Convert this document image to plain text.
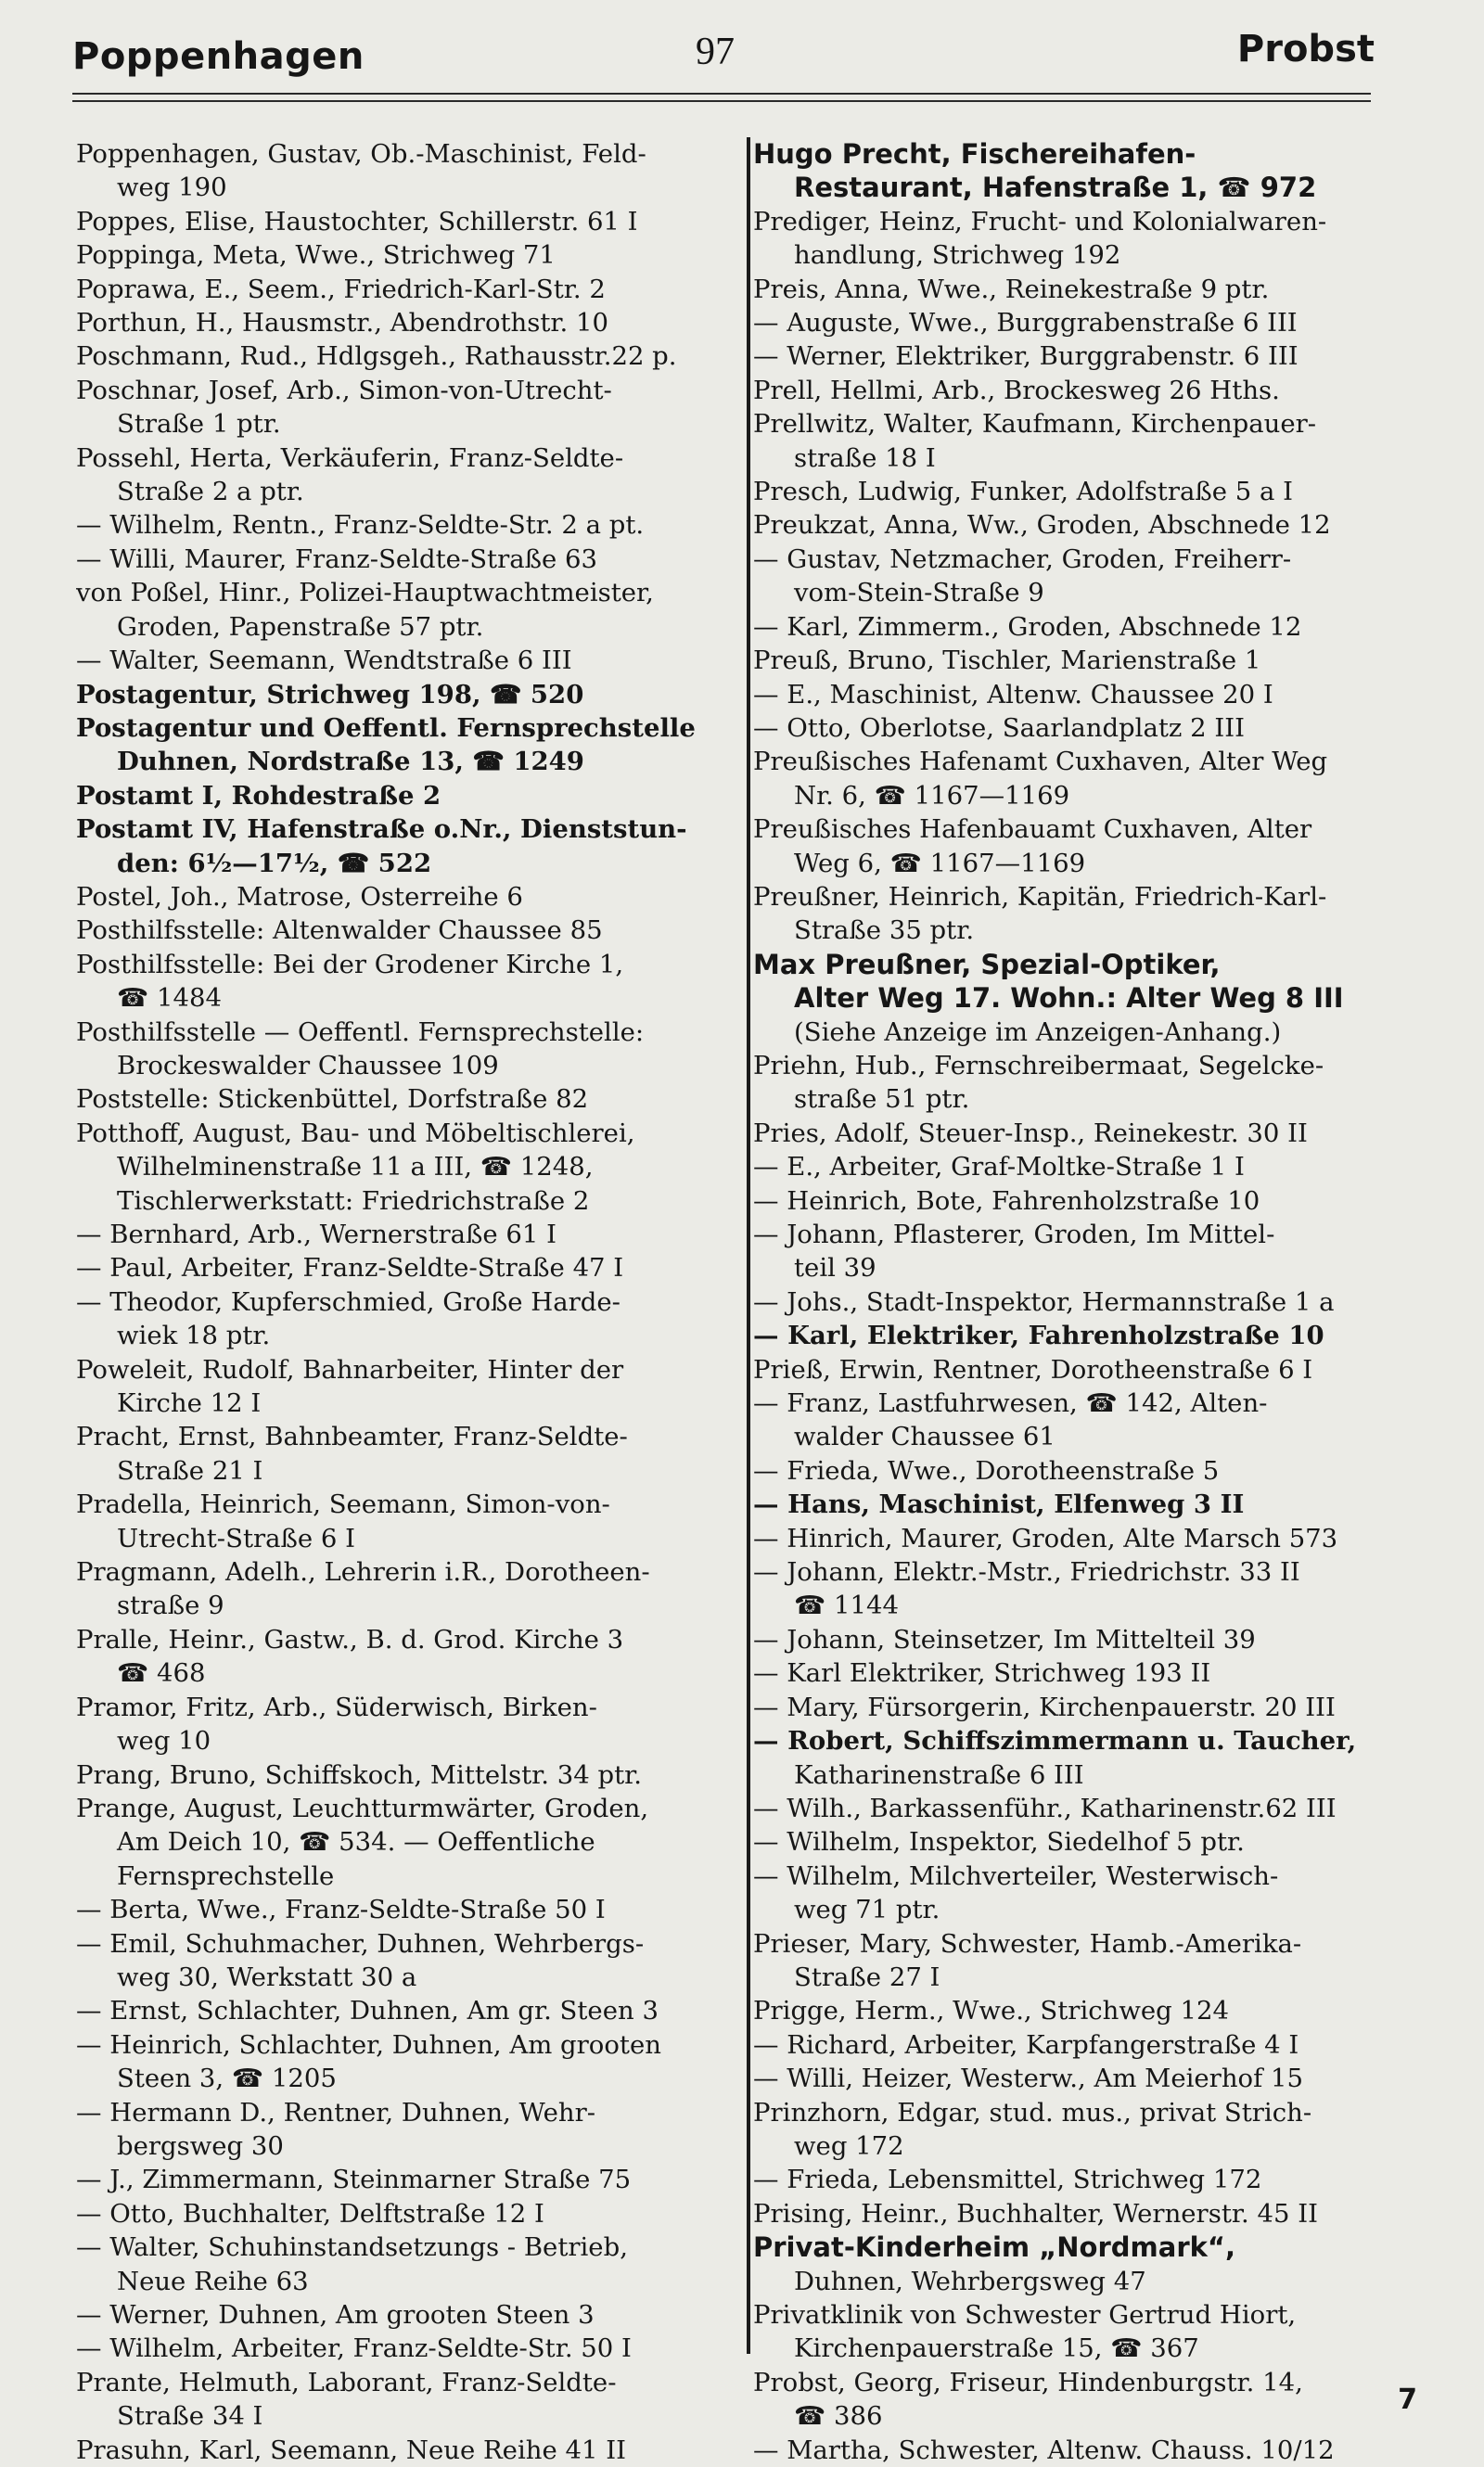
Poppenhagen	97	Probst
Poppenhagen, Gustav, Ob.-Maschinist, Feld-
weg 190
Poppes, Elise, Haustochter, Schillerstr. 61 I
Poppinga, Meta, Wwe., Strichweg 71
Poprawa, E., Seem., Friedrich-Karl-Str. 2
Porthun, H., Hausmstr., Abendrothstr. 10
Poschmann, Rud., Hdlgsgeh., Rathausstr.22 p.
Poschnar, Josef, Arb., Simon-von-Utrecht-
Straße 1 ptr.
Possehl, Herta, Verkäuferin, Franz-Seldte-
Straße 2 a ptr.
— Wilhelm, Rentn., Franz-Seldte-Str. 2 a pt.
— Willi, Maurer, Franz-Seldte-Straße 63
von Poßel, Hinr., Polizei-Hauptwachtmeister,
Groden, Papenstraße 57 ptr.
— Walter, Seemann, Wendtstraße 6 III
Postagentur, Strichweg 198, ☎ 520
Postagentur und Oeffentl. Fernsprechstelle
Duhnen, Nordstraße 13, ☎ 1249
Postamt I, Rohdestraße 2
Postamt IV, Hafenstraße o.Nr., Dienststun-
den: 6½—17½, ☎ 522
Postel, Joh., Matrose, Osterreihe 6
Posthilfsstelle: Altenwalder Chaussee 85
Posthilfsstelle: Bei der Grodener Kirche 1,
☎ 1484
Posthilfsstelle — Oeffentl. Fernsprechstelle:
Brockeswalder Chaussee 109
Poststelle: Stickenbüttel, Dorfstraße 82
Potthoff, August, Bau- und Möbeltischlerei,
Wilhelminenstraße 11 a III, ☎ 1248,
Tischlerwerkstatt: Friedrichstraße 2
— Bernhard, Arb., Wernerstraße 61 I
— Paul, Arbeiter, Franz-Seldte-Straße 47 I
— Theodor, Kupferschmied, Große Harde-
wiek 18 ptr.
Poweleit, Rudolf, Bahnarbeiter, Hinter der
Kirche 12 I
Pracht, Ernst, Bahnbeamter, Franz-Seldte-
Straße 21 I
Pradella, Heinrich, Seemann, Simon-von-
Utrecht-Straße 6 I
Pragmann, Adelh., Lehrerin i.R., Dorotheen-
straße 9
Pralle, Heinr., Gastw., B. d. Grod. Kirche 3
☎ 468
Pramor, Fritz, Arb., Süderwisch, Birken-
weg 10
Prang, Bruno, Schiffskoch, Mittelstr. 34 ptr.
Prange, August, Leuchtturmwärter, Groden,
Am Deich 10, ☎ 534. — Oeffentliche
Fernsprechstelle
— Berta, Wwe., Franz-Seldte-Straße 50 I
— Emil, Schuhmacher, Duhnen, Wehrbergs-
weg 30, Werkstatt 30 a
— Ernst, Schlachter, Duhnen, Am gr. Steen 3
— Heinrich, Schlachter, Duhnen, Am grooten
Steen 3, ☎ 1205
— Hermann D., Rentner, Duhnen, Wehr-
bergsweg 30
— J., Zimmermann, Steinmarner Straße 75
— Otto, Buchhalter, Delftstraße 12 I
— Walter, Schuhinstandsetzungs - Betrieb,
Neue Reihe 63
— Werner, Duhnen, Am grooten Steen 3
— Wilhelm, Arbeiter, Franz-Seldte-Str. 50 I
Prante, Helmuth, Laborant, Franz-Seldte-
Straße 34 I
Prasuhn, Karl, Seemann, Neue Reihe 41 II
Hugo Precht, Fischereihafen-
Restaurant, Hafenstraße 1, ☎ 972
Prediger, Heinz, Frucht- und Kolonialwaren-
handlung, Strichweg 192
Preis, Anna, Wwe., Reinekestraße 9 ptr.
— Auguste, Wwe., Burggrabenstraße 6 III
— Werner, Elektriker, Burggrabenstr. 6 III
Prell, Hellmi, Arb., Brockesweg 26 Hths.
Prellwitz, Walter, Kaufmann, Kirchenpauer-
straße 18 I
Presch, Ludwig, Funker, Adolfstraße 5 a I
Preukzat, Anna, Ww., Groden, Abschnede 12
— Gustav, Netzmacher, Groden, Freiherr-
vom-Stein-Straße 9
— Karl, Zimmerm., Groden, Abschnede 12
Preuß, Bruno, Tischler, Marienstraße 1
— E., Maschinist, Altenw. Chaussee 20 I
— Otto, Oberlotse, Saarlandplatz 2 III
Preußisches Hafenamt Cuxhaven, Alter Weg
Nr. 6, ☎ 1167—1169
Preußisches Hafenbauamt Cuxhaven, Alter
Weg 6, ☎ 1167—1169
Preußner, Heinrich, Kapitän, Friedrich-Karl-
Straße 35 ptr.
Max Preußner, Spezial-Optiker,
Alter Weg 17. Wohn.: Alter Weg 8 III
(Siehe Anzeige im Anzeigen-Anhang.)
Priehn, Hub., Fernschreibermaat, Segelcke-
straße 51 ptr.
Pries, Adolf, Steuer-Insp., Reinekestr. 30 II
— E., Arbeiter, Graf-Moltke-Straße 1 I
— Heinrich, Bote, Fahrenholzstraße 10
— Johann, Pflasterer, Groden, Im Mittel-
teil 39
— Johs., Stadt-Inspektor, Hermannstraße 1 a
— Karl, Elektriker, Fahrenholzstraße 10
Prieß, Erwin, Rentner, Dorotheenstraße 6 I
— Franz, Lastfuhrwesen, ☎ 142, Alten-
walder Chaussee 61
— Frieda, Wwe., Dorotheenstraße 5
— Hans, Maschinist, Elfenweg 3 II
— Hinrich, Maurer, Groden, Alte Marsch 573
— Johann, Elektr.-Mstr., Friedrichstr. 33 II
☎ 1144
— Johann, Steinsetzer, Im Mittelteil 39
— Karl Elektriker, Strichweg 193 II
— Mary, Fürsorgerin, Kirchenpauerstr. 20 III
— Robert, Schiffszimmermann u. Taucher,
Katharinenstraße 6 III
— Wilh., Barkassenführ., Katharinenstr.62 III
— Wilhelm, Inspektor, Siedelhof 5 ptr.
— Wilhelm, Milchverteiler, Westerwisch-
weg 71 ptr.
Prieser, Mary, Schwester, Hamb.-Amerika-
Straße 27 I
Prigge, Herm., Wwe., Strichweg 124
— Richard, Arbeiter, Karpfangerstraße 4 I
— Willi, Heizer, Westerw., Am Meierhof 15
Prinzhorn, Edgar, stud. mus., privat Strich-
weg 172
— Frieda, Lebensmittel, Strichweg 172
Prising, Heinr., Buchhalter, Wernerstr. 45 II
Privat-Kinderheim „Nordmark“,
Duhnen, Wehrbergsweg 47
Privatklinik von Schwester Gertrud Hiort,
Kirchenpauerstraße 15, ☎ 367
Probst, Georg, Friseur, Hindenburgstr. 14,
☎ 386
— Martha, Schwester, Altenw. Chauss. 10/12
7
